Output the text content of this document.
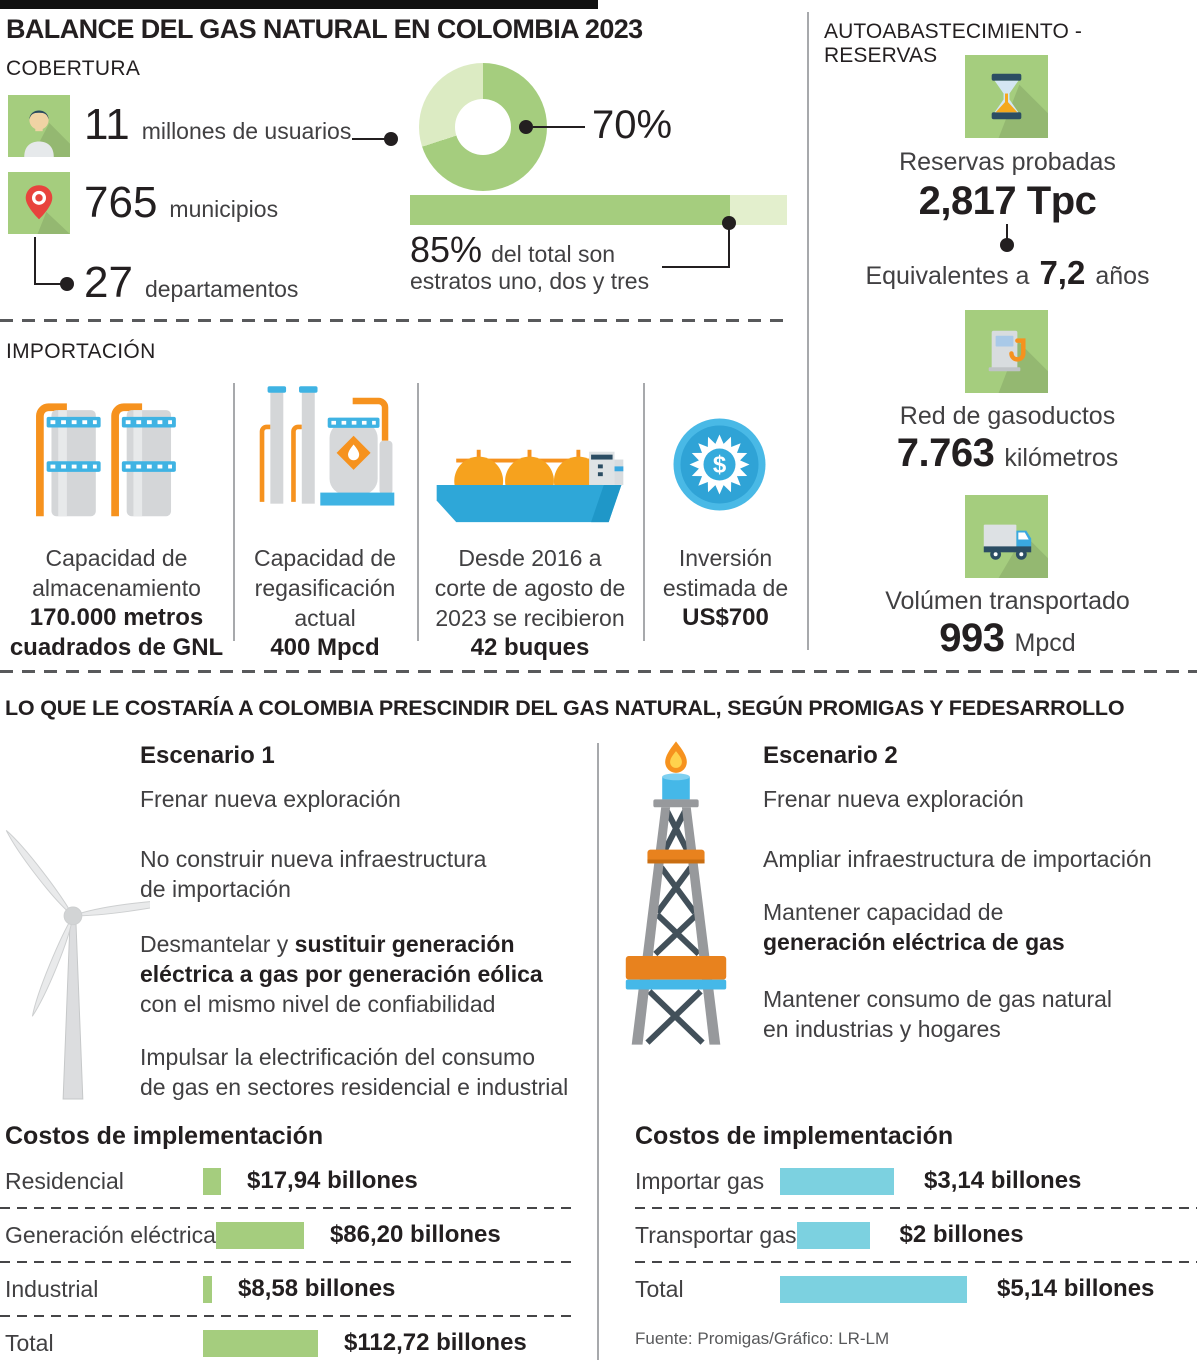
BALANCE DEL GAS NATURAL EN COLOMBIA 2023
COBERTURA
11 millones de usuarios
765 municipios
27 departamentos
70%
85% del total son
estratos uno, dos y tres
AUTOABASTECIMIENTO - RESERVAS
Reservas probadas
2,817 Tpc
Equivalentes a 7,2 años
Red de gasoductos
7.763 kilómetros
Volúmen transportado
993 Mpcd
IMPORTACIÓN
$
Capacidad de
almacenamiento
170.000 metros
cuadrados de GNL
Capacidad de
regasificación
actual
400 Mpcd
Desde 2016 a
corte de agosto de
2023 se recibieron
42 buques
Inversión
estimada de
US$700
LO QUE LE COSTARÍA A COLOMBIA PRESCINDIR DEL GAS NATURAL, SEGÚN PROMIGAS Y FEDESARROLLO
Escenario 1
Frenar nueva exploración
No construir nueva infraestructura
de importación
Desmantelar y sustituir generación
eléctrica a gas por generación eólica
con el mismo nivel de confiabilidad
Impulsar la electrificación del consumo
de gas en sectores residencial e industrial
Escenario 2
Frenar nueva exploración
Ampliar infraestructura de importación
Mantener capacidad de
generación eléctrica de gas
Mantener consumo de gas natural
en industrias y hogares
Costos de implementación
Residencial	$17,94 billones
Generación eléctrica	$86,20 billones
Industrial	$8,58 billones
Total	$112,72 billones
Costos de implementación
Importar gas	$3,14 billones
Transportar gas	$2 billones
Total	$5,14 billones
Fuente: Promigas/Gráfico: LR-LM
